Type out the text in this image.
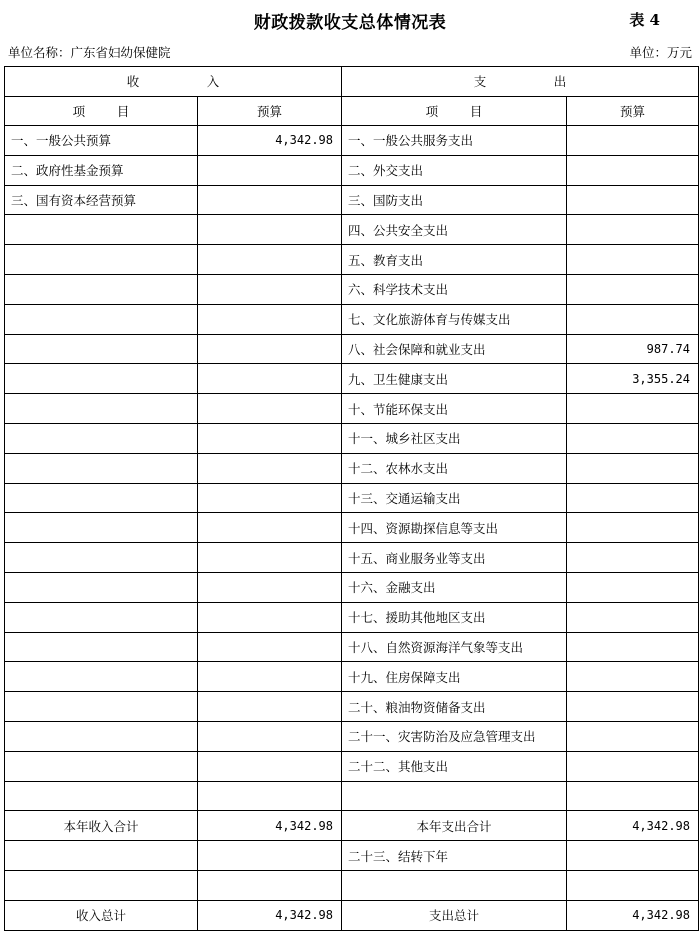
财政拨款收支总体情况表	表 4
单位名称：广东省妇幼保健院	单位：万元
收                 入		支                 出	
项        目	预算	项        目	预算
一、一般公共预算	4,342.98	一、一般公共服务支出	
二、政府性基金预算		二、外交支出	
三、国有资本经营预算		三、国防支出	
		四、公共安全支出	
		五、教育支出	
		六、科学技术支出	
		七、文化旅游体育与传媒支出	
		八、社会保障和就业支出	987.74
		九、卫生健康支出	3,355.24
		十、节能环保支出	
		十一、城乡社区支出	
		十二、农林水支出	
		十三、交通运输支出	
		十四、资源勘探信息等支出	
		十五、商业服务业等支出	
		十六、金融支出	
		十七、援助其他地区支出	
		十八、自然资源海洋气象等支出	
		十九、住房保障支出	
		二十、粮油物资储备支出	
		二十一、灾害防治及应急管理支出	
		二十二、其他支出	

本年收入合计	4,342.98	本年支出合计	4,342.98
		二十三、结转下年	

收入总计	4,342.98	支出总计	4,342.98
